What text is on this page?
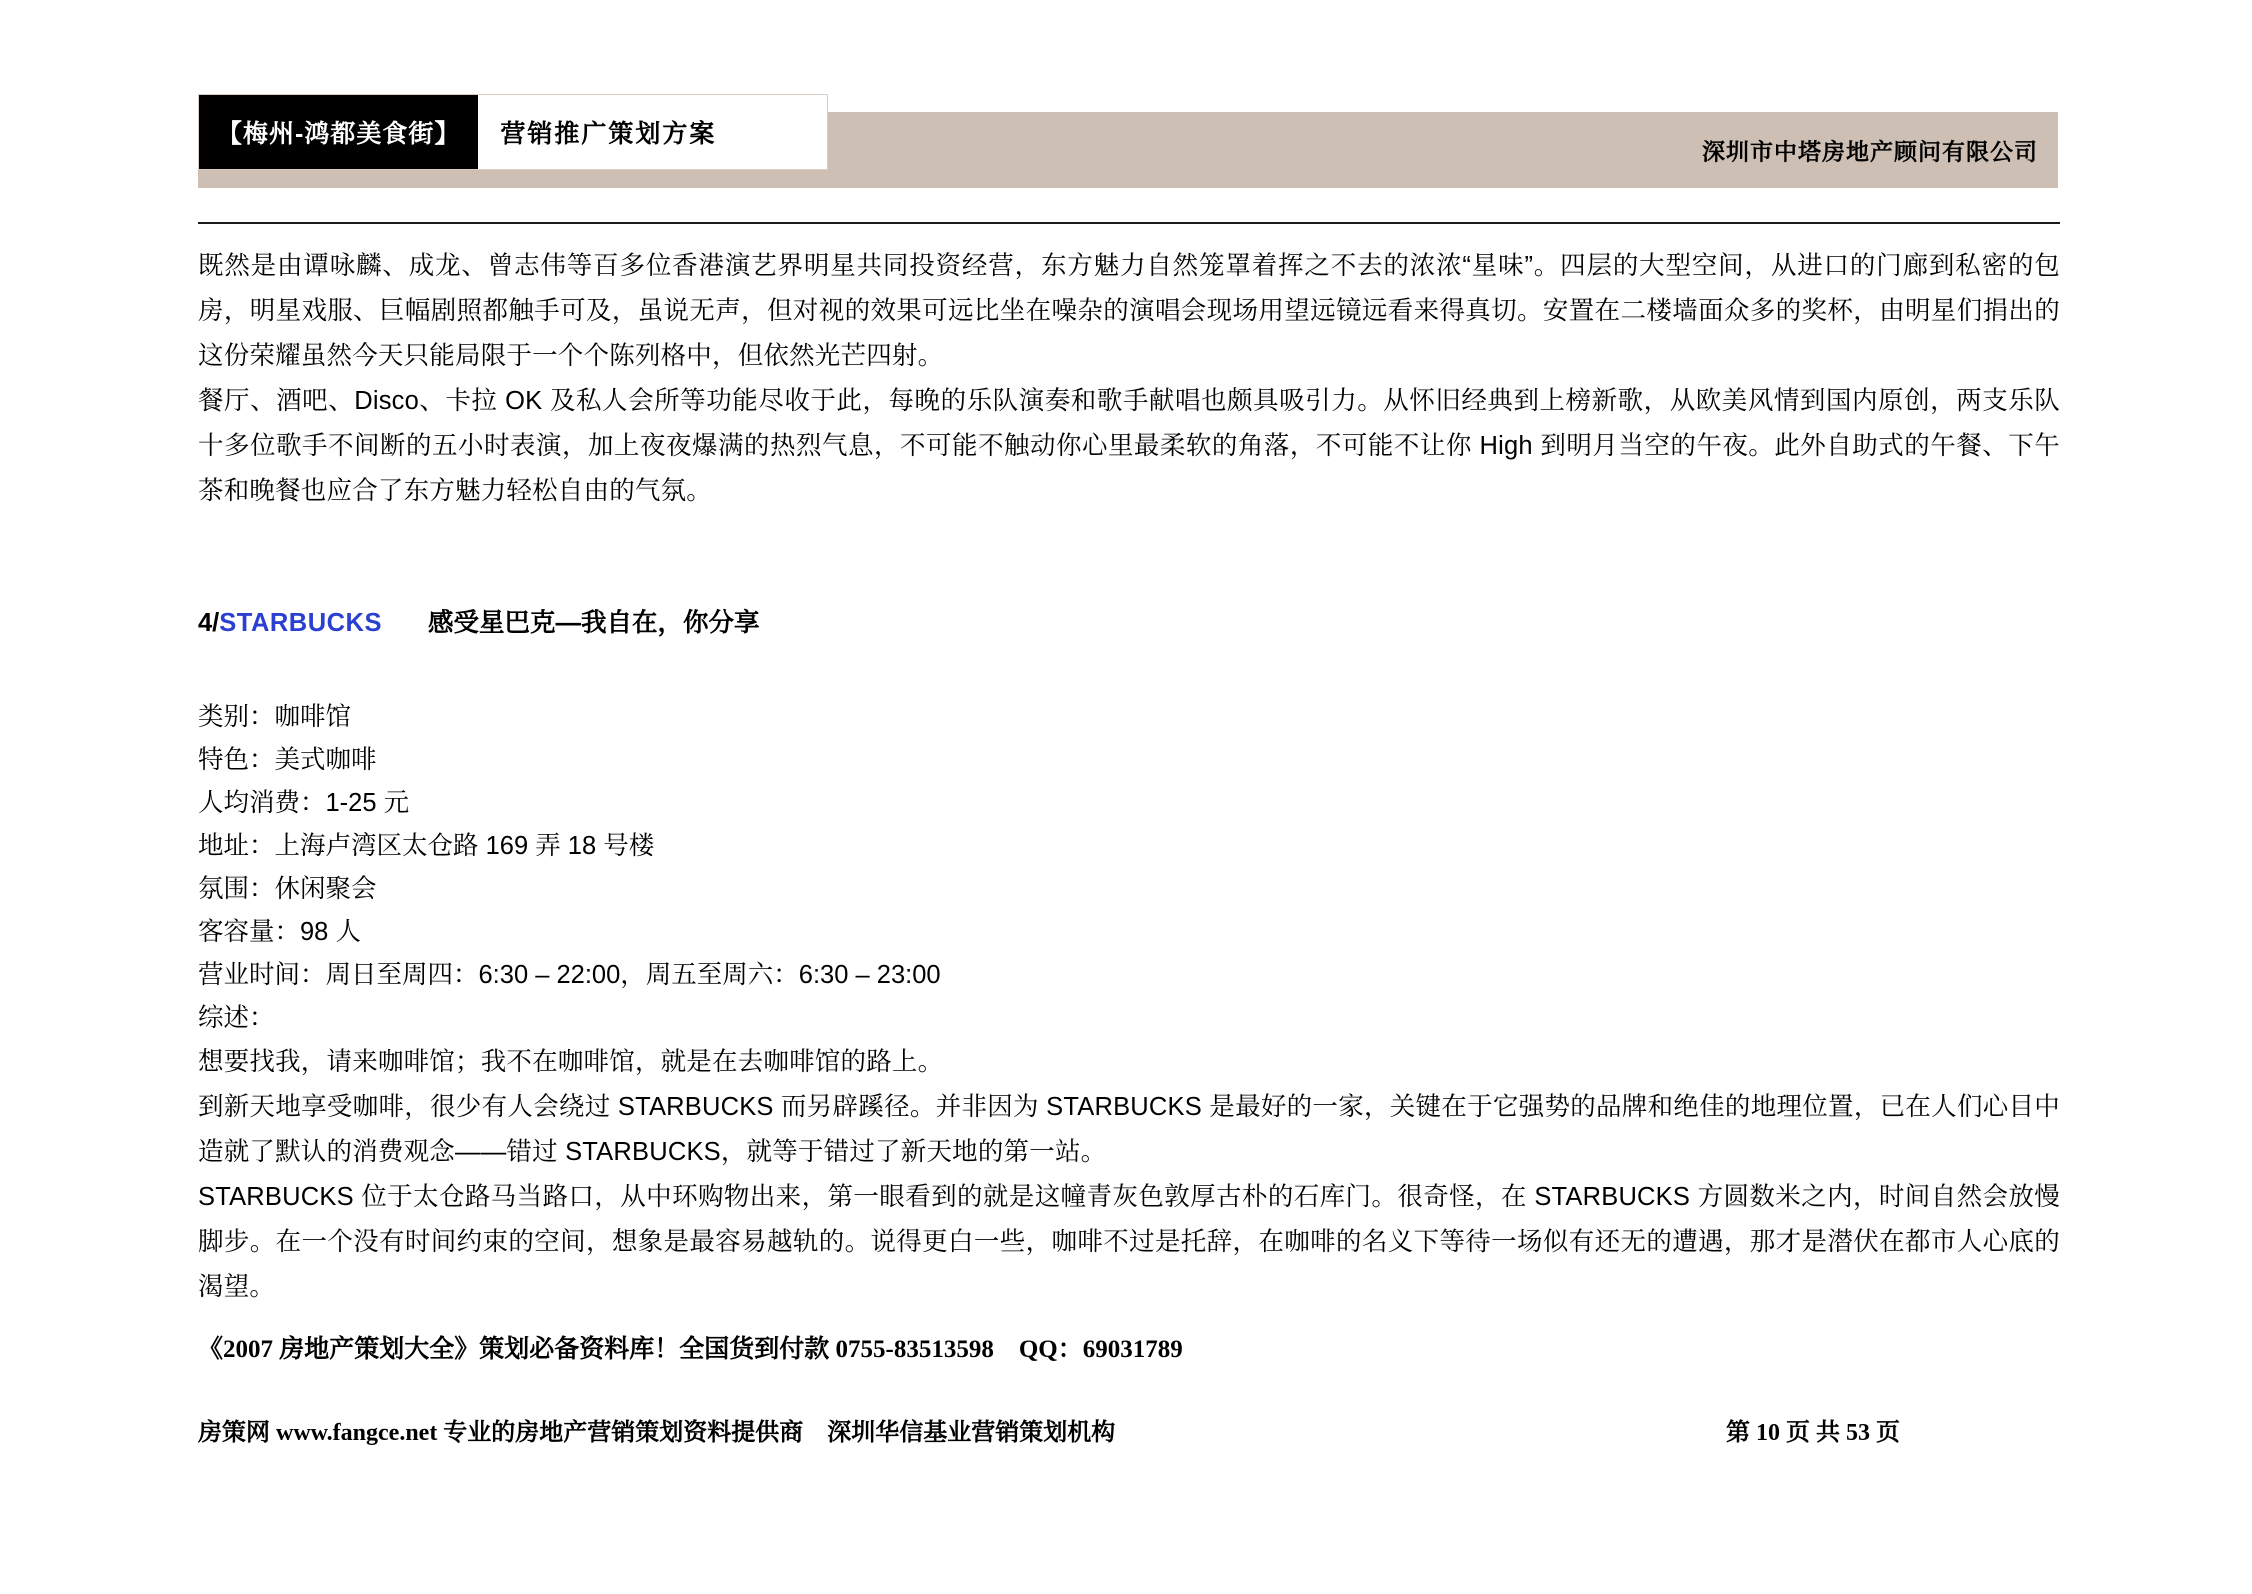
【梅州-鸿都美食街】	营销推广策划方案
深圳市中塔房地产顾问有限公司

既然是由谭咏麟、成龙、曾志伟等百多位香港演艺界明星共同投资经营，东方魅力自然笼罩着挥之不去的浓浓“星味”。四层的大型空间，从进口的门廊到私密的包房，明星戏服、巨幅剧照都触手可及，虽说无声，但对视的效果可远比坐在噪杂的演唱会现场用望远镜远看来得真切。安置在二楼墙面众多的奖杯，由明星们捐出的这份荣耀虽然今天只能局限于一个个陈列格中，但依然光芒四射。

餐厅、酒吧、Disco、卡拉 OK 及私人会所等功能尽收于此，每晚的乐队演奏和歌手献唱也颇具吸引力。从怀旧经典到上榜新歌，从欧美风情到国内原创，两支乐队十多位歌手不间断的五小时表演，加上夜夜爆满的热烈气息，不可能不触动你心里最柔软的角落，不可能不让你 High 到明月当空的午夜。此外自助式的午餐、下午茶和晚餐也应合了东方魅力轻松自由的气氛。

4/STARBUCKS 感受星巴克—我自在，你分享
类别：咖啡馆
特色：美式咖啡
人均消费：1-25 元
地址：上海卢湾区太仓路 169 弄 18 号楼
氛围：休闲聚会
客容量：98 人
营业时间：周日至周四：6:30 – 22:00，周五至周六：6:30 – 23:00
综述：

想要找我，请来咖啡馆；我不在咖啡馆，就是在去咖啡馆的路上。

到新天地享受咖啡，很少有人会绕过 STARBUCKS 而另辟蹊径。并非因为 STARBUCKS 是最好的一家，关键在于它强势的品牌和绝佳的地理位置，已在人们心目中造就了默认的消费观念——错过 STARBUCKS，就等于错过了新天地的第一站。

STARBUCKS 位于太仓路马当路口，从中环购物出来，第一眼看到的就是这幢青灰色敦厚古朴的石库门。很奇怪，在 STARBUCKS 方圆数米之内，时间自然会放慢脚步。在一个没有时间约束的空间，想象是最容易越轨的。说得更白一些，咖啡不过是托辞，在咖啡的名义下等待一场似有还无的遭遇，那才是潜伏在都市人心底的渴望。

《2007 房地产策划大全》策划必备资料库！全国货到付款 0755-83513598　QQ：69031789
房策网 www.fangce.net 专业的房地产营销策划资料提供商　深圳华信基业营销策划机构	第 10 页 共 53 页
